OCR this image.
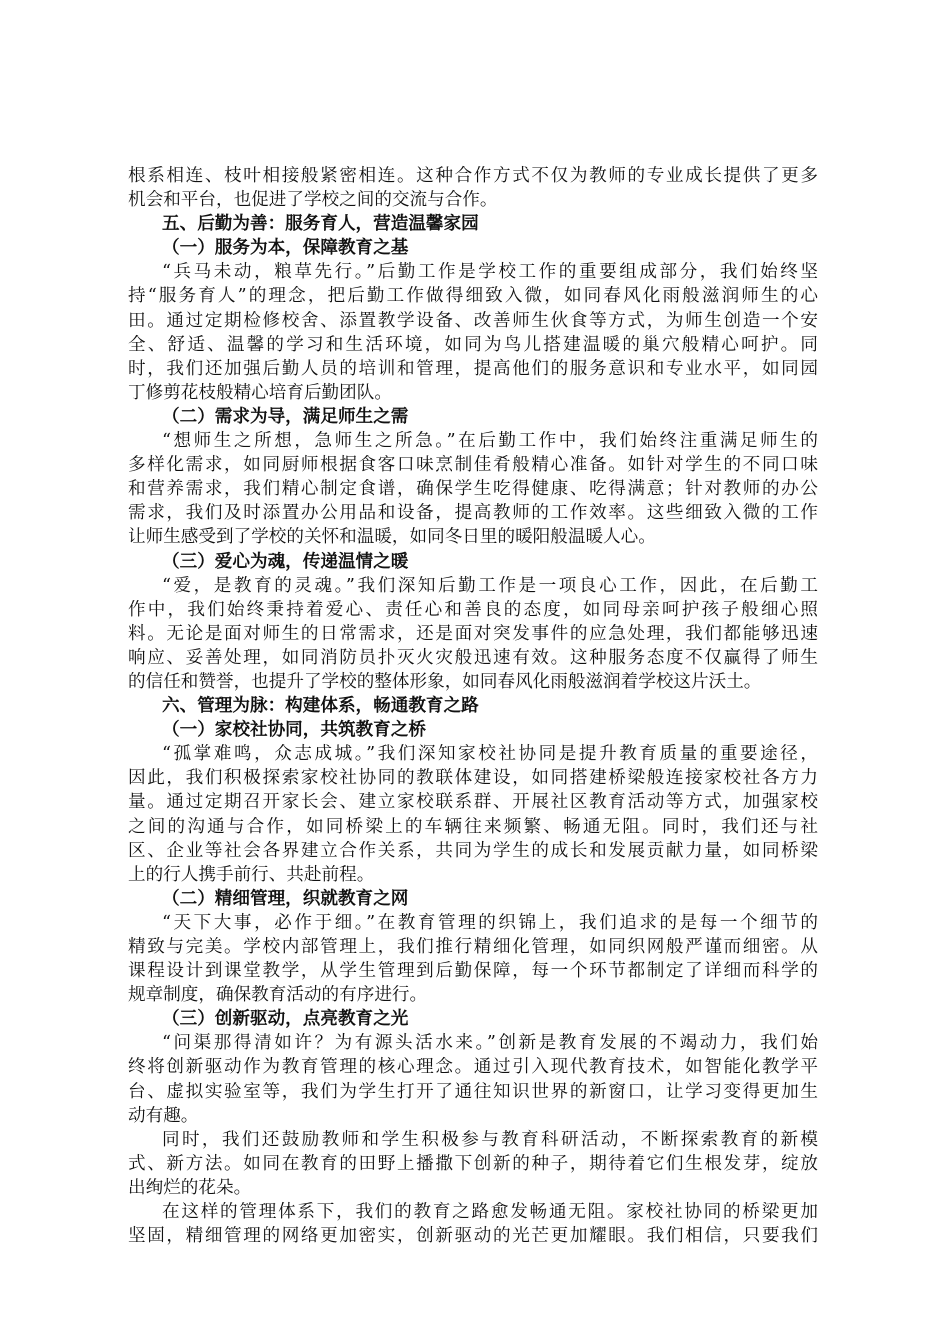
根系相连、枝叶相接般紧密相连。这种合作方式不仅为教师的专业成长提供了更多
机会和平台，也促进了学校之间的交流与合作。
五、后勤为善：服务育人，营造温馨家园
（一）服务为本，保障教育之基
“兵马未动，粮草先行。”后勤工作是学校工作的重要组成部分，我们始终坚
持“服务育人”的理念，把后勤工作做得细致入微，如同春风化雨般滋润师生的心
田。通过定期检修校舍、添置教学设备、改善师生伙食等方式，为师生创造一个安
全、舒适、温馨的学习和生活环境，如同为鸟儿搭建温暖的巢穴般精心呵护。同
时，我们还加强后勤人员的培训和管理，提高他们的服务意识和专业水平，如同园
丁修剪花枝般精心培育后勤团队。
（二）需求为导，满足师生之需
“想师生之所想，急师生之所急。”在后勤工作中，我们始终注重满足师生的
多样化需求，如同厨师根据食客口味烹制佳肴般精心准备。如针对学生的不同口味
和营养需求，我们精心制定食谱，确保学生吃得健康、吃得满意；针对教师的办公
需求，我们及时添置办公用品和设备，提高教师的工作效率。这些细致入微的工作
让师生感受到了学校的关怀和温暖，如同冬日里的暖阳般温暖人心。
（三）爱心为魂，传递温情之暖
“爱，是教育的灵魂。”我们深知后勤工作是一项良心工作，因此，在后勤工
作中，我们始终秉持着爱心、责任心和善良的态度，如同母亲呵护孩子般细心照
料。无论是面对师生的日常需求，还是面对突发事件的应急处理，我们都能够迅速
响应、妥善处理，如同消防员扑灭火灾般迅速有效。这种服务态度不仅赢得了师生
的信任和赞誉，也提升了学校的整体形象，如同春风化雨般滋润着学校这片沃土。
六、管理为脉：构建体系，畅通教育之路
（一）家校社协同，共筑教育之桥
“孤掌难鸣，众志成城。”我们深知家校社协同是提升教育质量的重要途径，
因此，我们积极探索家校社协同的教联体建设，如同搭建桥梁般连接家校社各方力
量。通过定期召开家长会、建立家校联系群、开展社区教育活动等方式，加强家校
之间的沟通与合作，如同桥梁上的车辆往来频繁、畅通无阻。同时，我们还与社
区、企业等社会各界建立合作关系，共同为学生的成长和发展贡献力量，如同桥梁
上的行人携手前行、共赴前程。
（二）精细管理，织就教育之网
“天下大事，必作于细。”在教育管理的织锦上，我们追求的是每一个细节的
精致与完美。学校内部管理上，我们推行精细化管理，如同织网般严谨而细密。从
课程设计到课堂教学，从学生管理到后勤保障，每一个环节都制定了详细而科学的
规章制度，确保教育活动的有序进行。
（三）创新驱动，点亮教育之光
“问渠那得清如许？为有源头活水来。”创新是教育发展的不竭动力，我们始
终将创新驱动作为教育管理的核心理念。通过引入现代教育技术，如智能化教学平
台、虚拟实验室等，我们为学生打开了通往知识世界的新窗口，让学习变得更加生
动有趣。
同时，我们还鼓励教师和学生积极参与教育科研活动，不断探索教育的新模
式、新方法。如同在教育的田野上播撒下创新的种子，期待着它们生根发芽，绽放
出绚烂的花朵。
在这样的管理体系下，我们的教育之路愈发畅通无阻。家校社协同的桥梁更加
坚固，精细管理的网络更加密实，创新驱动的光芒更加耀眼。我们相信，只要我们
